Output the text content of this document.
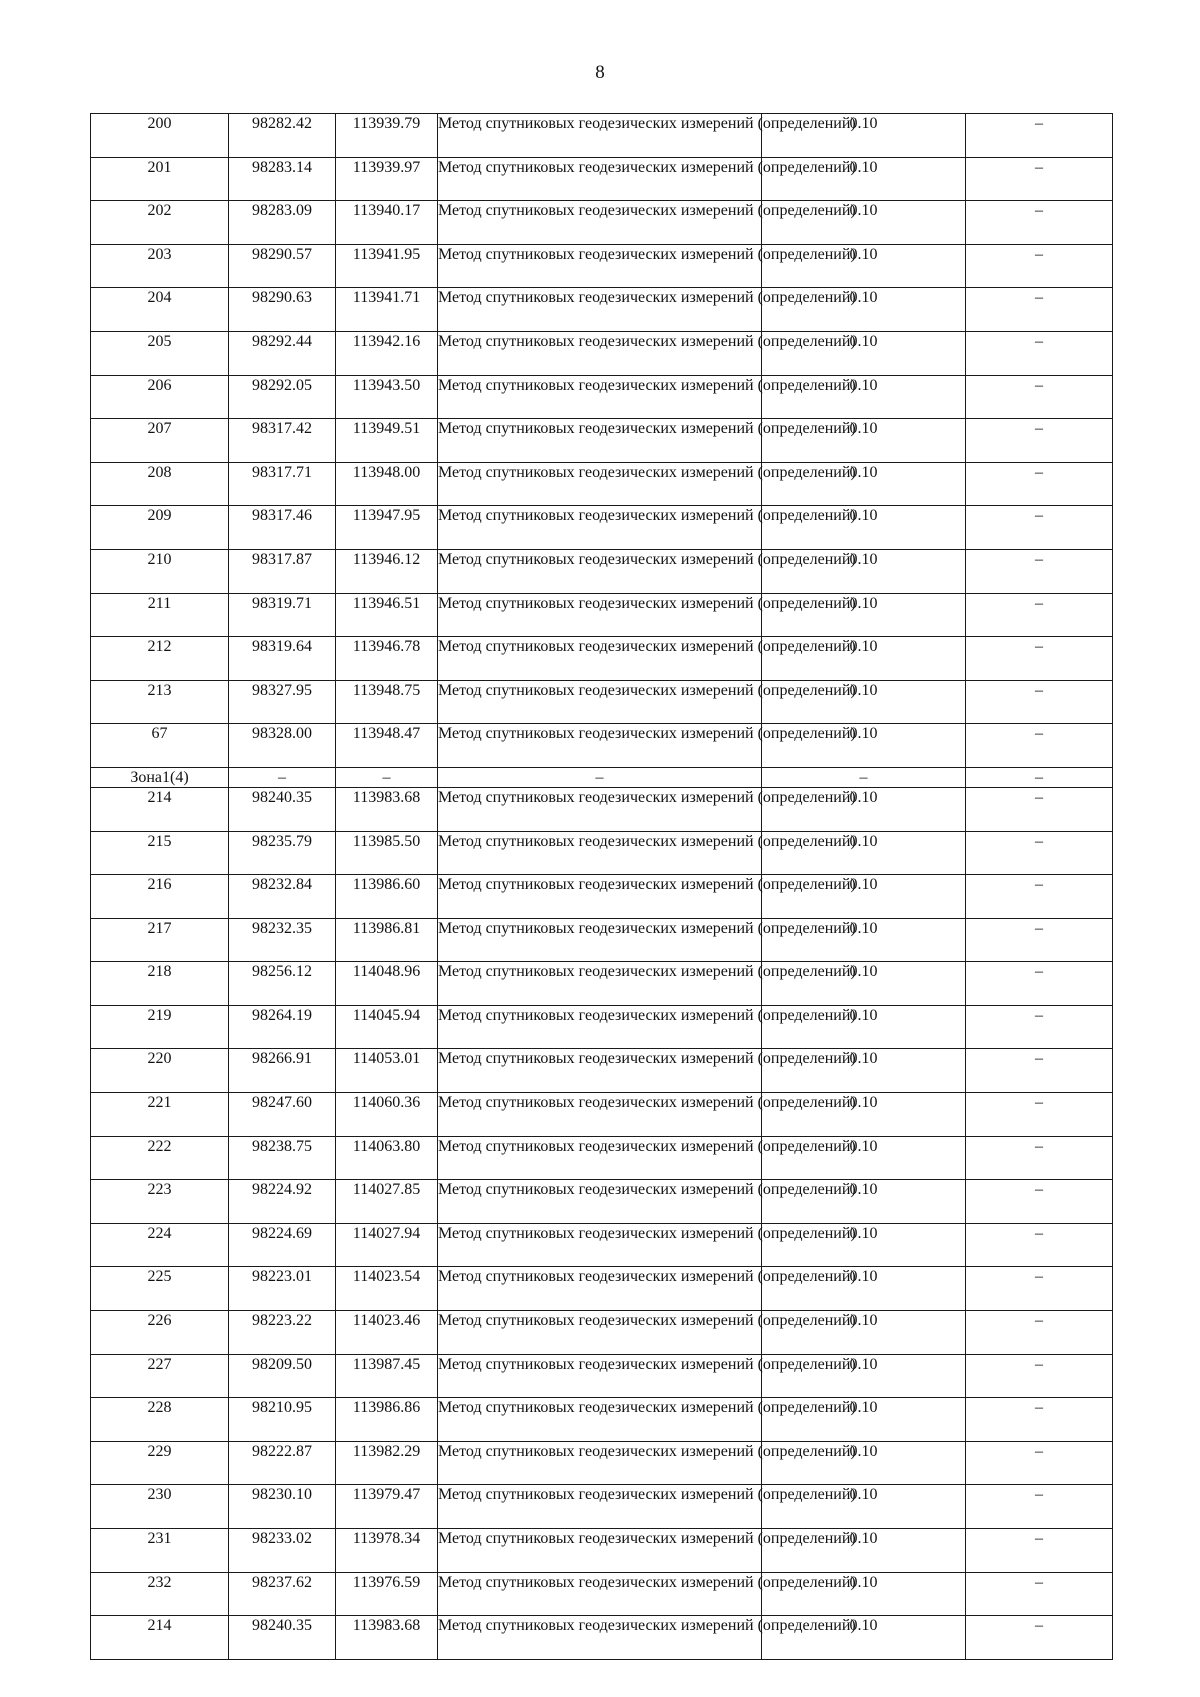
8
200	98282.42	113939.79	Метод спутниковых геодезических измерений (определений)	0.10	–
201	98283.14	113939.97	Метод спутниковых геодезических измерений (определений)	0.10	–
202	98283.09	113940.17	Метод спутниковых геодезических измерений (определений)	0.10	–
203	98290.57	113941.95	Метод спутниковых геодезических измерений (определений)	0.10	–
204	98290.63	113941.71	Метод спутниковых геодезических измерений (определений)	0.10	–
205	98292.44	113942.16	Метод спутниковых геодезических измерений (определений)	0.10	–
206	98292.05	113943.50	Метод спутниковых геодезических измерений (определений)	0.10	–
207	98317.42	113949.51	Метод спутниковых геодезических измерений (определений)	0.10	–
208	98317.71	113948.00	Метод спутниковых геодезических измерений (определений)	0.10	–
209	98317.46	113947.95	Метод спутниковых геодезических измерений (определений)	0.10	–
210	98317.87	113946.12	Метод спутниковых геодезических измерений (определений)	0.10	–
211	98319.71	113946.51	Метод спутниковых геодезических измерений (определений)	0.10	–
212	98319.64	113946.78	Метод спутниковых геодезических измерений (определений)	0.10	–
213	98327.95	113948.75	Метод спутниковых геодезических измерений (определений)	0.10	–
67	98328.00	113948.47	Метод спутниковых геодезических измерений (определений)	0.10	–
Зона1(4)	–	–	–	–	–
214	98240.35	113983.68	Метод спутниковых геодезических измерений (определений)	0.10	–
215	98235.79	113985.50	Метод спутниковых геодезических измерений (определений)	0.10	–
216	98232.84	113986.60	Метод спутниковых геодезических измерений (определений)	0.10	–
217	98232.35	113986.81	Метод спутниковых геодезических измерений (определений)	0.10	–
218	98256.12	114048.96	Метод спутниковых геодезических измерений (определений)	0.10	–
219	98264.19	114045.94	Метод спутниковых геодезических измерений (определений)	0.10	–
220	98266.91	114053.01	Метод спутниковых геодезических измерений (определений)	0.10	–
221	98247.60	114060.36	Метод спутниковых геодезических измерений (определений)	0.10	–
222	98238.75	114063.80	Метод спутниковых геодезических измерений (определений)	0.10	–
223	98224.92	114027.85	Метод спутниковых геодезических измерений (определений)	0.10	–
224	98224.69	114027.94	Метод спутниковых геодезических измерений (определений)	0.10	–
225	98223.01	114023.54	Метод спутниковых геодезических измерений (определений)	0.10	–
226	98223.22	114023.46	Метод спутниковых геодезических измерений (определений)	0.10	–
227	98209.50	113987.45	Метод спутниковых геодезических измерений (определений)	0.10	–
228	98210.95	113986.86	Метод спутниковых геодезических измерений (определений)	0.10	–
229	98222.87	113982.29	Метод спутниковых геодезических измерений (определений)	0.10	–
230	98230.10	113979.47	Метод спутниковых геодезических измерений (определений)	0.10	–
231	98233.02	113978.34	Метод спутниковых геодезических измерений (определений)	0.10	–
232	98237.62	113976.59	Метод спутниковых геодезических измерений (определений)	0.10	–
214	98240.35	113983.68	Метод спутниковых геодезических измерений (определений)	0.10	–
